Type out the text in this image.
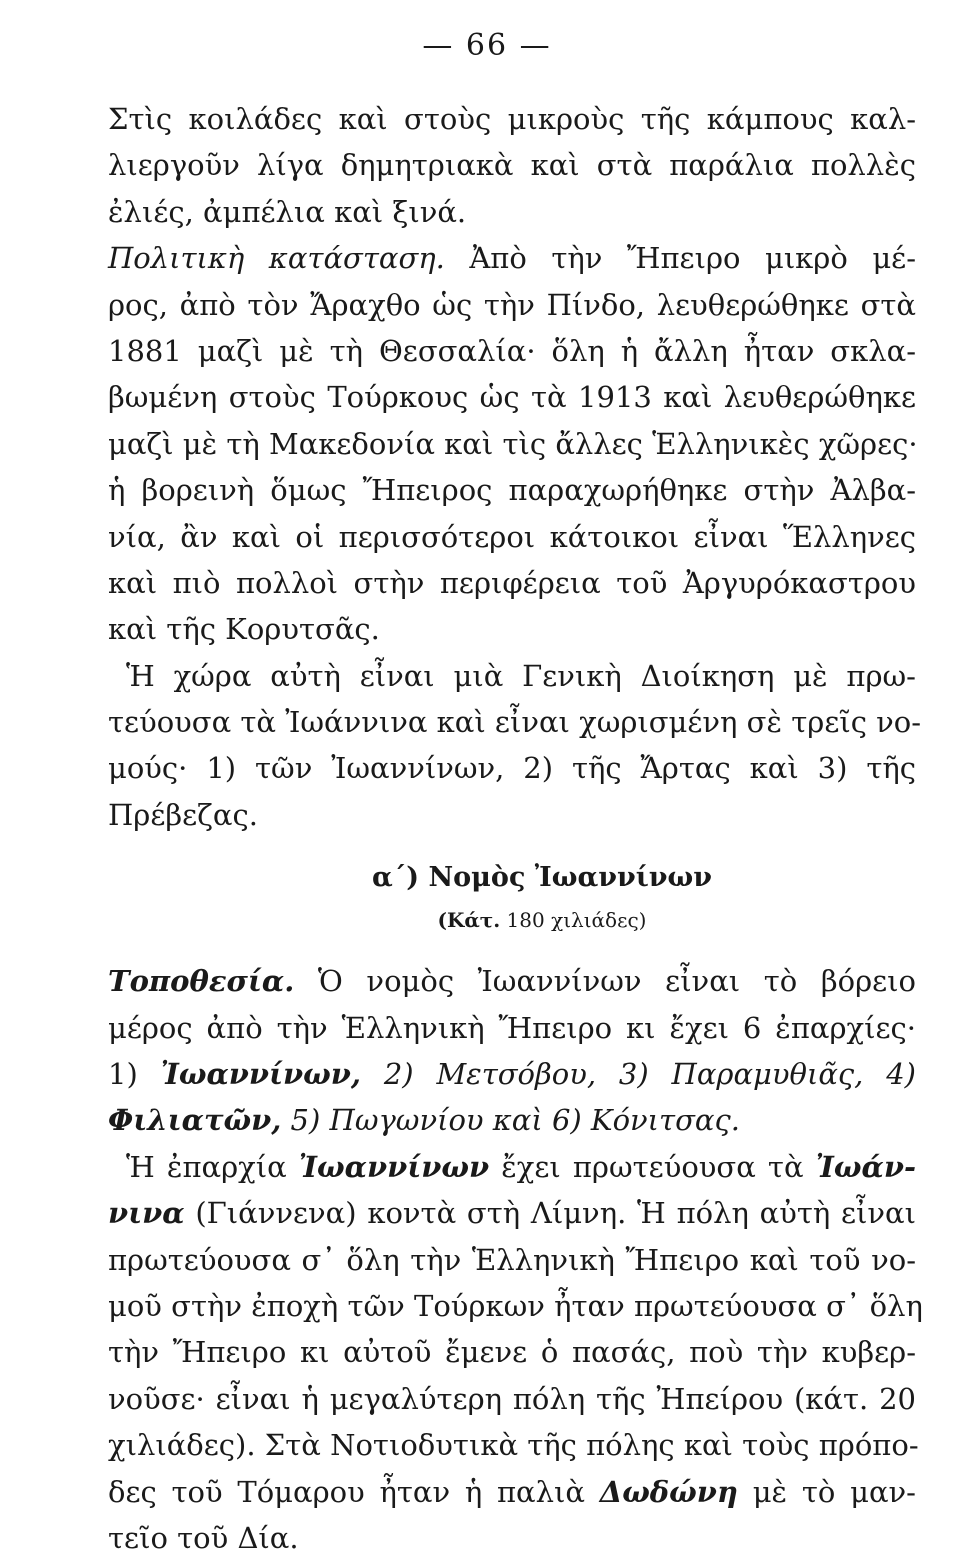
— 66 —
Στὶς κοιλάδες καὶ στοὺς μικροὺς τῆς κάμπους καλ-
λιεργοῦν λίγα δημητριακὰ καὶ στὰ παράλια πολλὲς
ἐλιές, ἀμπέλια καὶ ξινά.
Πολιτικὴ κατάσταση. Ἀπὸ τὴν Ἤπειρο μικρὸ μέ-
ρος, ἀπὸ τὸν Ἄραχθο ὡς τὴν Πίνδο, λευθερώθηκε στὰ
1881 μαζὶ μὲ τὴ Θεσσαλία· ὅλη ἡ ἄλλη ἦταν σκλα-
βωμένη στοὺς Τούρκους ὡς τὰ 1913 καὶ λευθερώθηκε
μαζὶ μὲ τὴ Μακεδονία καὶ τὶς ἄλλες Ἑλληνικὲς χῶρες·
ἡ βορεινὴ ὅμως Ἤπειρος παραχωρήθηκε στὴν Ἀλβα-
νία, ἂν καὶ οἱ περισσότεροι κάτοικοι εἶναι Ἕλληνες
καὶ πιὸ πολλοὶ στὴν περιφέρεια τοῦ Ἀργυρόκαστρου
καὶ τῆς Κορυτσᾶς.
Ἡ χώρα αὐτὴ εἶναι μιὰ Γενικὴ Διοίκηση μὲ πρω-
τεύουσα τὰ Ἰωάννινα καὶ εἶναι χωρισμένη σὲ τρεῖς νο-
μούς· 1) τῶν Ἰωαννίνων, 2) τῆς Ἄρτας καὶ 3) τῆς
Πρέβεζας.
α΄) Νομὸς Ἰωαννίνων
(Κάτ. 180 χιλιάδες)
Τοποθεσία. Ὁ νομὸς Ἰωαννίνων εἶναι τὸ βόρειο
μέρος ἀπὸ τὴν Ἑλληνικὴ Ἤπειρο κι ἔχει 6 ἐπαρχίες·
1) Ἰωαννίνων, 2) Μετσόβου, 3) Παραμυθιᾶς, 4)
Φιλιατῶν, 5) Πωγωνίου καὶ 6) Κόνιτσας.
Ἡ ἐπαρχία Ἰωαννίνων ἔχει πρωτεύουσα τὰ Ἰωάν-
νινα (Γιάννενα) κοντὰ στὴ Λίμνη. Ἡ πόλη αὐτὴ εἶναι
πρωτεύουσα σ᾿ ὅλη τὴν Ἑλληνικὴ Ἤπειρο καὶ τοῦ νο-
μοῦ στὴν ἐποχὴ τῶν Τούρκων ἦταν πρωτεύουσα σ᾿ ὅλη
τὴν Ἤπειρο κι αὐτοῦ ἔμενε ὁ πασάς, ποὺ τὴν κυβερ-
νοῦσε· εἶναι ἡ μεγαλύτερη πόλη τῆς Ἠπείρου (κάτ. 20
χιλιάδες). Στὰ Νοτιοδυτικὰ τῆς πόλης καὶ τοὺς πρόπο-
δες τοῦ Τόμαρου ἦταν ἡ παλιὰ Δωδώνη μὲ τὸ μαν-
τεῖο τοῦ Δία.
